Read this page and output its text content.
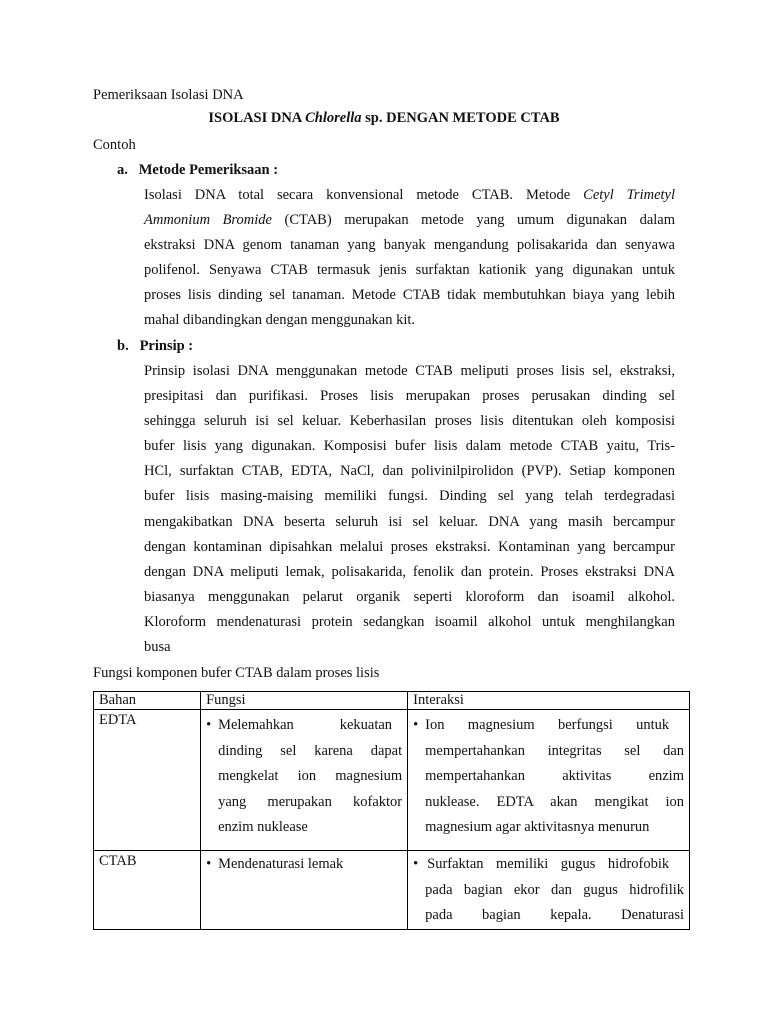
Pemeriksaan Isolasi DNA
ISOLASI DNA Chlorella sp. DENGAN METODE CTAB
Contoh
a.   Metode Pemeriksaan :
Isolasi DNA total secara konvensional metode CTAB. Metode Cetyl Trimetyl
Ammonium Bromide (CTAB) merupakan metode yang umum digunakan dalam
ekstraksi DNA genom tanaman yang banyak mengandung polisakarida dan senyawa
polifenol. Senyawa CTAB termasuk jenis surfaktan kationik yang digunakan untuk
proses lisis dinding sel tanaman. Metode CTAB tidak membutuhkan biaya yang lebih
mahal dibandingkan dengan menggunakan kit.
b.   Prinsip :
Prinsip isolasi DNA menggunakan metode CTAB meliputi proses lisis sel, ekstraksi,
presipitasi dan purifikasi. Proses lisis merupakan proses perusakan dinding sel
sehingga seluruh isi sel keluar. Keberhasilan proses lisis ditentukan oleh komposisi
bufer lisis yang digunakan. Komposisi bufer lisis dalam metode CTAB yaitu, Tris-
HCl, surfaktan CTAB, EDTA, NaCl, dan polivinilpirolidon (PVP). Setiap komponen
bufer lisis masing-maising memiliki fungsi. Dinding sel yang telah terdegradasi
mengakibatkan DNA beserta seluruh isi sel keluar. DNA yang masih bercampur
dengan kontaminan dipisahkan melalui proses ekstraksi. Kontaminan yang bercampur
dengan DNA meliputi lemak, polisakarida, fenolik dan protein. Proses ekstraksi DNA
biasanya menggunakan pelarut organik seperti kloroform dan isoamil alkohol.
Kloroform mendenaturasi protein sedangkan isoamil alkohol untuk menghilangkan
busa
Fungsi komponen bufer CTAB dalam proses lisis
Bahan	Fungsi	Interaksi
EDTA	• Melemahkan kekuatan
dinding sel karena dapat
mengkelat ion magnesium
yang merupakan kofaktor
enzim nuklease	• Ion magnesium berfungsi untuk
mempertahankan integritas sel dan
mempertahankan aktivitas enzim
nuklease. EDTA akan mengikat ion
magnesium agar aktivitasnya menurun

CTAB	• Mendenaturasi lemak	• Surfaktan memiliki gugus hidrofobik
pada bagian ekor dan gugus hidrofilik
pada bagian kepala. Denaturasi
